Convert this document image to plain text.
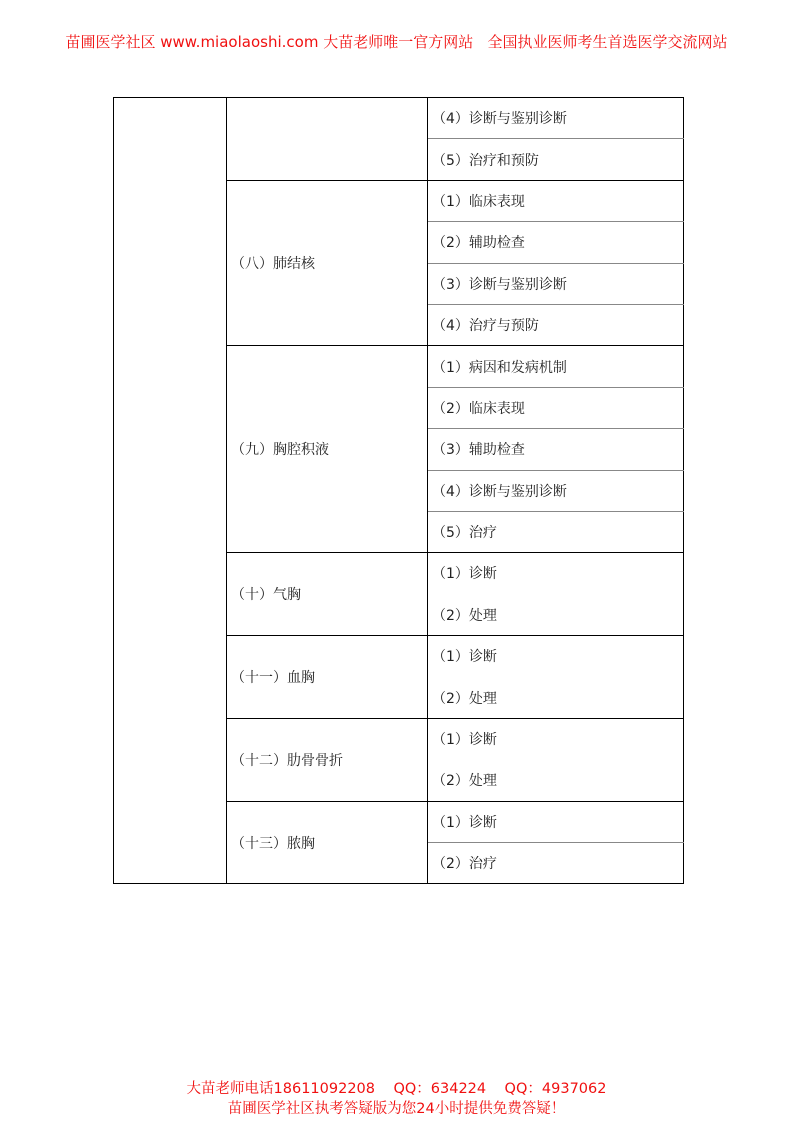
苗圃医学社区 www.miaolaoshi.com 大苗老师唯一官方网站   全国执业医师考生首选医学交流网站
		（4）诊断与鉴别诊断
		（5）治疗和预防
	（八）肺结核	（1）临床表现
		（2）辅助检查
		（3）诊断与鉴别诊断
		（4）治疗与预防
	（九）胸腔积液	（1）病因和发病机制
		（2）临床表现
		（3）辅助检查
		（4）诊断与鉴别诊断
		（5）治疗
	（十）气胸	（1）诊断
		（2）处理
	（十一）血胸	（1）诊断
		（2）处理
	（十二）肋骨骨折	（1）诊断
		（2）处理
	（十三）脓胸	（1）诊断
		（2）治疗
大苗老师电话18611092208    QQ：634224    QQ：4937062
苗圃医学社区执考答疑版为您24小时提供免费答疑！
